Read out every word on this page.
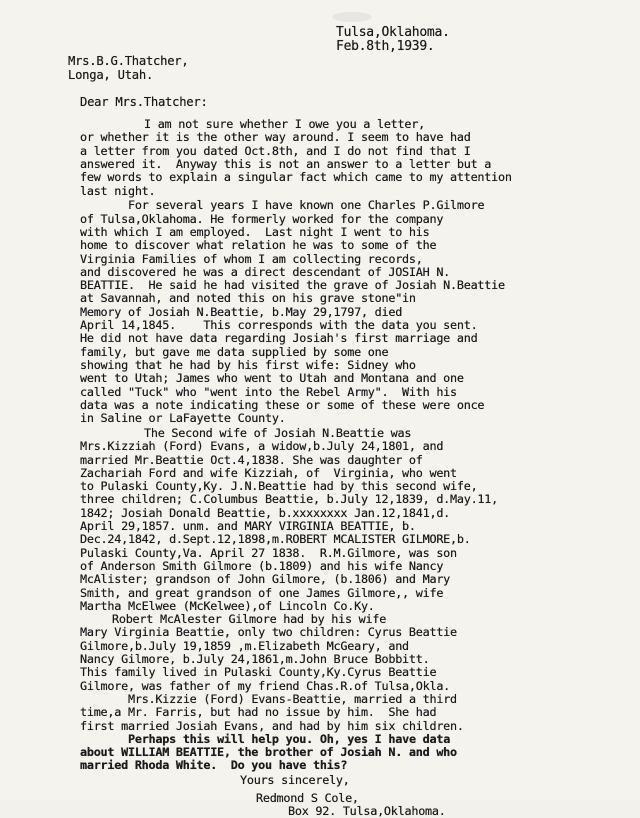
Tulsa,Oklahoma.
Feb.8th,1939.
Mrs.B.G.Thatcher,
Longa, Utah.
Dear Mrs.Thatcher:
I am not sure whether I owe you a letter,
or whether it is the other way around. I seem to have had
a letter from you dated Oct.8th, and I do not find that I
answered it.  Anyway this is not an answer to a letter but a
few words to explain a singular fact which came to my attention
last night.
For several years I have known one Charles P.Gilmore
of Tulsa,Oklahoma. He formerly worked for the company
with which I am employed.  Last night I went to his
home to discover what relation he was to some of the
Virginia Families of whom I am collecting records,
and discovered he was a direct descendant of JOSIAH N.
BEATTIE.  He said he had visited the grave of Josiah N.Beattie
at Savannah, and noted this on his grave stone"in
Memory of Josiah N.Beattie, b.May 29,1797, died
April 14,1845.    This corresponds with the data you sent.
He did not have data regarding Josiah's first marriage and
family, but gave me data supplied by some one
showing that he had by his first wife: Sidney who
went to Utah; James who went to Utah and Montana and one
called "Tuck" who "went into the Rebel Army".  With his
data was a note indicating these or some of these were once
in Saline or LaFayette County.
The Second wife of Josiah N.Beattie was
Mrs.Kizziah (Ford) Evans, a widow,b.July 24,1801, and
married Mr.Beattie Oct.4,1838. She was daughter of
Zachariah Ford and wife Kizziah, of  Virginia, who went
to Pulaski County,Ky. J.N.Beattie had by this second wife,
three children; C.Columbus Beattie, b.July 12,1839, d.May.11,
1842; Josiah Donald Beattie, b.xxxxxxxx Jan.12,1841,d.
April 29,1857. unm. and MARY VIRGINIA BEATTIE, b.
Dec.24,1842, d.Sept.12,1898,m.ROBERT MCALISTER GILMORE,b.
Pulaski County,Va. April 27 1838.  R.M.Gilmore, was son
of Anderson Smith Gilmore (b.1809) and his wife Nancy
McAlister; grandson of John Gilmore, (b.1806) and Mary
Smith, and great grandson of one James Gilmore,, wife
Martha McElwee (McKelwee),of Lincoln Co.Ky.
Robert McAlester Gilmore had by his wife
Mary Virginia Beattie, only two children: Cyrus Beattie
Gilmore,b.July 19,1859 ,m.Elizabeth McGeary, and
Nancy Gilmore, b.July 24,1861,m.John Bruce Bobbitt.
This family lived in Pulaski County,Ky.Cyrus Beattie
Gilmore, was father of my friend Chas.R.of Tulsa,Okla.
Mrs.Kizzie (Ford) Evans-Beattie, married a third
time,a Mr. Farris, but had no issue by him.  She had
first married Josiah Evans, and had by him six children.
Perhaps this will help you. Oh, yes I have data
about WILLIAM BEATTIE, the brother of Josiah N. and who
married Rhoda White.  Do you have this?
Yours sincerely,
Redmond S Cole,
Box 92. Tulsa,Oklahoma.
